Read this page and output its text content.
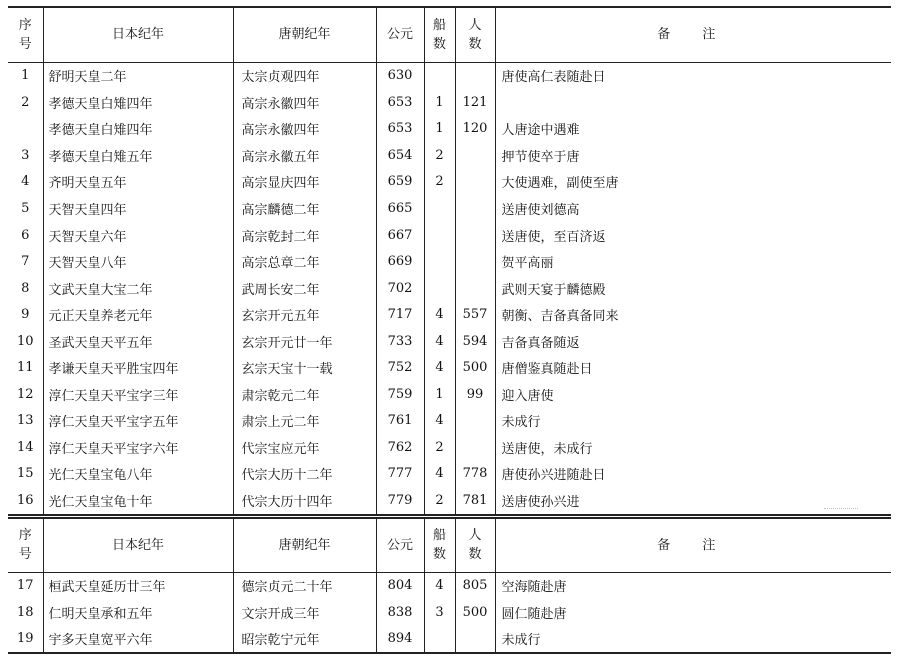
序号	日本纪年	唐朝纪年	公元	船数	人数	备 注
1	舒明天皇二年	太宗贞观四年	630			唐使高仁表随赴日
2	孝德天皇白雉四年	高宗永徽四年	653	1	121	
	孝德天皇白雉四年	高宗永徽四年	653	1	120	人唐途中遇难
3	孝德天皇白雉五年	高宗永徽五年	654	2		押节使卒于唐
4	齐明天皇五年	高宗显庆四年	659	2		大使遇难，副使至唐
5	天智天皇四年	高宗麟德二年	665			送唐使刘德高
6	天智天皇六年	高宗乾封二年	667			送唐使，至百济返
7	天智天皇八年	高宗总章二年	669			贺平高丽
8	文武天皇大宝二年	武周长安二年	702			武则天宴于麟德殿
9	元正天皇养老元年	玄宗开元五年	717	4	557	朝衡、吉备真备同来
10	圣武天皇天平五年	玄宗开元廿一年	733	4	594	吉备真备随返
11	孝谦天皇天平胜宝四年	玄宗天宝十一载	752	4	500	唐僧鉴真随赴日
12	淳仁天皇天平宝字三年	肃宗乾元二年	759	1	99	迎入唐使
13	淳仁天皇天平宝字五年	肃宗上元二年	761	4		未成行
14	淳仁天皇天平宝字六年	代宗宝应元年	762	2		送唐使，未成行
15	光仁天皇宝龟八年	代宗大历十二年	777	4	778	唐使孙兴进随赴日
16	光仁天皇宝龟十年	代宗大历十四年	779	2	781	送唐使孙兴进
序号	日本纪年	唐朝纪年	公元	船数	人数	备 注
17	桓武天皇延历廿三年	德宗贞元二十年	804	4	805	空海随赴唐
18	仁明天皇承和五年	文宗开成三年	838	3	500	圆仁随赴唐
19	宇多天皇宽平六年	昭宗乾宁元年	894			未成行
